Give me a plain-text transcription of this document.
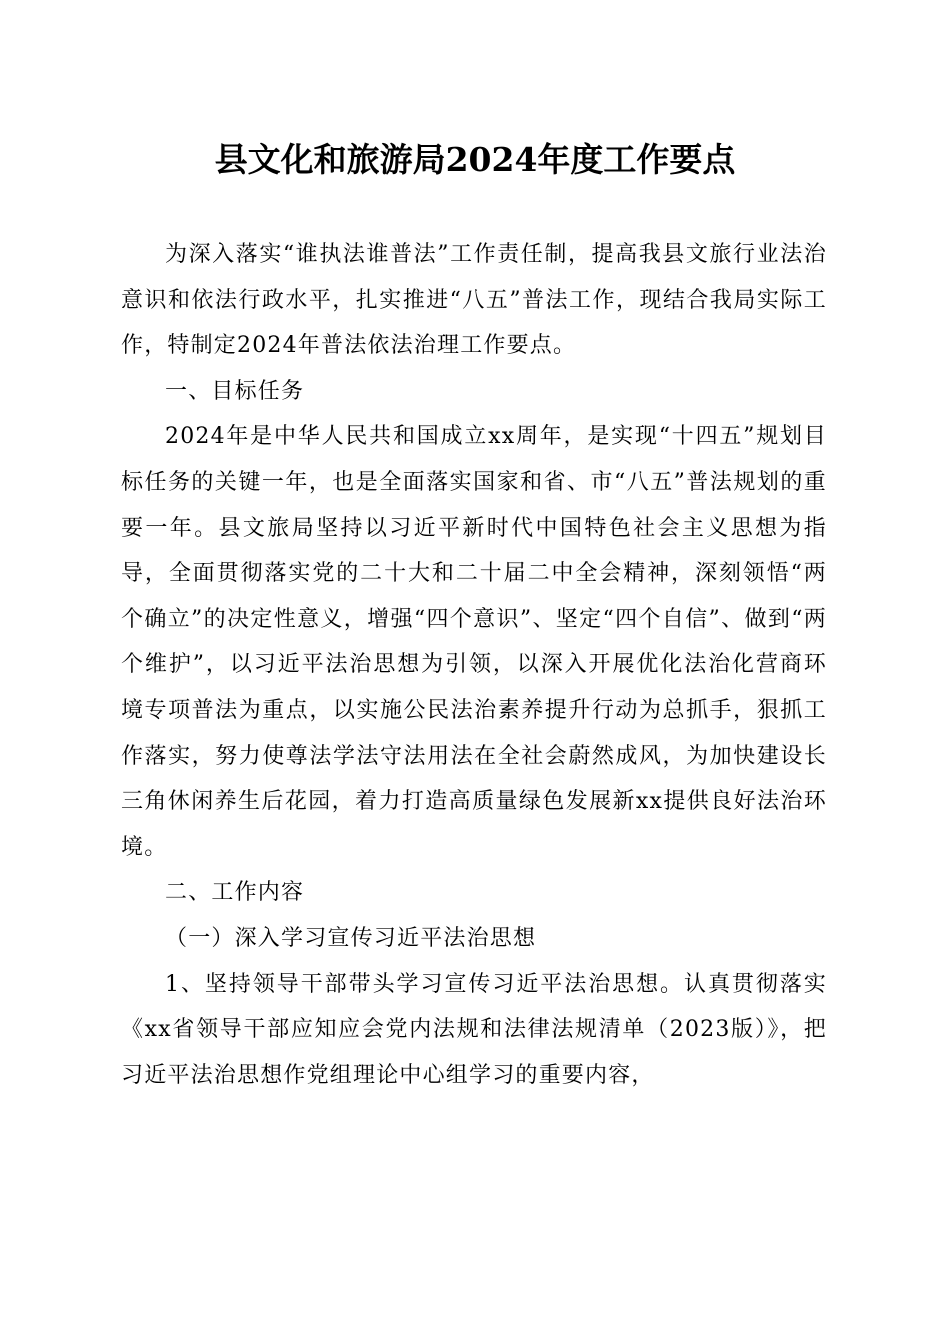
县文化和旅游局2024年度工作要点

为深入落实“谁执法谁普法”工作责任制，提高我县文旅行业法治意识和依法行政水平，扎实推进“八五”普法工作，现结合我局实际工作，特制定2024年普法依法治理工作要点。

一、目标任务

2024年是中华人民共和国成立xx周年，是实现“十四五”规划目标任务的关键一年，也是全面落实国家和省、市“八五”普法规划的重要一年。县文旅局坚持以习近平新时代中国特色社会主义思想为指导，全面贯彻落实党的二十大和二十届二中全会精神，深刻领悟“两个确立”的决定性意义，增强“四个意识”、坚定“四个自信”、做到“两个维护”，以习近平法治思想为引领，以深入开展优化法治化营商环境专项普法为重点，以实施公民法治素养提升行动为总抓手，狠抓工作落实，努力使尊法学法守法用法在全社会蔚然成风，为加快建设长三角休闲养生后花园，着力打造高质量绿色发展新xx提供良好法治环境。

二、工作内容

（一）深入学习宣传习近平法治思想

1、坚持领导干部带头学习宣传习近平法治思想。认真贯彻落实《xx省领导干部应知应会党内法规和法律法规清单（2023版）》，把习近平法治思想作党组理论中心组学习的重要内容，
